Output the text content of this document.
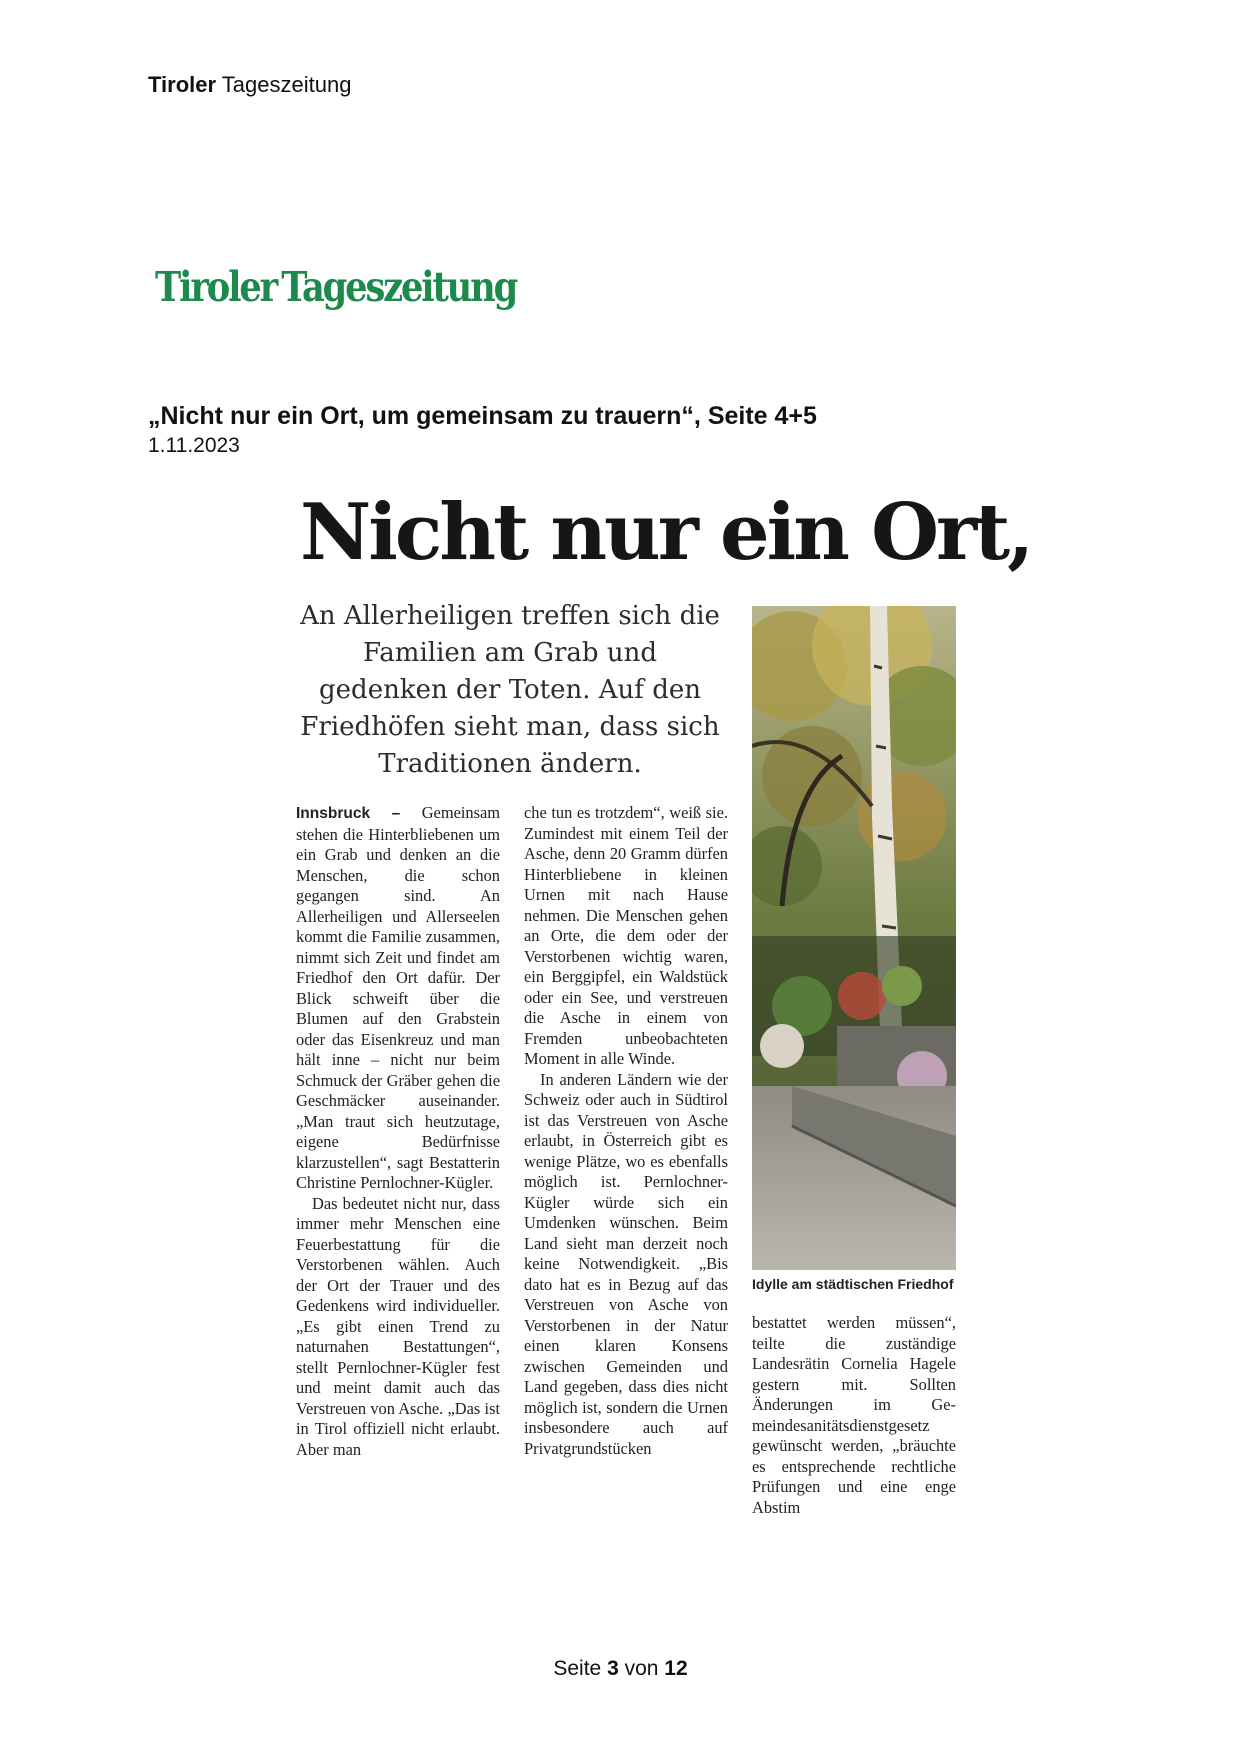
Tiroler Tageszeitung
Tiroler Tageszeitung
„Nicht nur ein Ort, um gemeinsam zu trauern“, Seite 4+5
1.11.2023
Nicht nur ein Ort,
An Allerheiligen treffen sich die Familien am Grab und gedenken der Toten. Auf den Friedhöfen sieht man, dass sich Traditionen ändern.

Innsbruck – Gemeinsam stehen die Hinterbliebenen um ein Grab und denken an die Menschen, die schon gegangen sind. An Allerheiligen und Allerseelen kommt die Familie zusammen, nimmt sich Zeit und findet am Friedhof den Ort dafür. Der Blick schweift über die Blumen auf den Grabstein oder das Eisenkreuz und man hält inne – nicht nur beim Schmuck der Gräber gehen die Geschmäcker auseinander. „Man traut sich heutzutage, eigene Bedürfnisse klarzustellen“, sagt Bestatterin Christine Pernlochner-Kügler.

Das bedeutet nicht nur, dass immer mehr Menschen eine Feuerbestattung für die Verstorbenen wählen. Auch der Ort der Trauer und des Gedenkens wird individueller. „Es gibt einen Trend zu naturnahen Bestattungen“, stellt Pernlochner-Kügler fest und meint damit auch das Verstreuen von Asche. „Das ist in Tirol offiziell nicht erlaubt. Aber man

che tun es trotzdem“, weiß sie. Zumindest mit einem Teil der Asche, denn 20 Gramm dürfen Hinterbliebene in kleinen Urnen mit nach Hause nehmen. Die Menschen gehen an Orte, die dem oder der Verstorbenen wichtig waren, ein Berggipfel, ein Waldstück oder ein See, und verstreuen die Asche in einem von Fremden unbeobachteten Moment in alle Winde.

In anderen Ländern wie der Schweiz oder auch in Südtirol ist das Verstreuen von Asche erlaubt, in Österreich gibt es wenige Plätze, wo es ebenfalls möglich ist. Pernlochner-Kügler würde sich ein Umdenken wünschen. Beim Land sieht man derzeit noch keine Notwendigkeit. „Bis dato hat es in Bezug auf das Verstreuen von Asche von Verstorbenen in der Natur einen klaren Konsens zwischen Gemeinden und Land gegeben, dass dies nicht möglich ist, sondern die Urnen insbesondere auch auf Privatgrundstücken

Idylle am städtischen Friedhof

bestattet werden müssen“, teilte die zuständige Landesrätin Cornelia Hagele gestern mit. Sollten Änderungen im Gemeindesanitätsdienstgesetz gewünscht werden, „bräuchte es entsprechende rechtliche Prüfungen und eine enge Abstim

Seite 3 von 12
